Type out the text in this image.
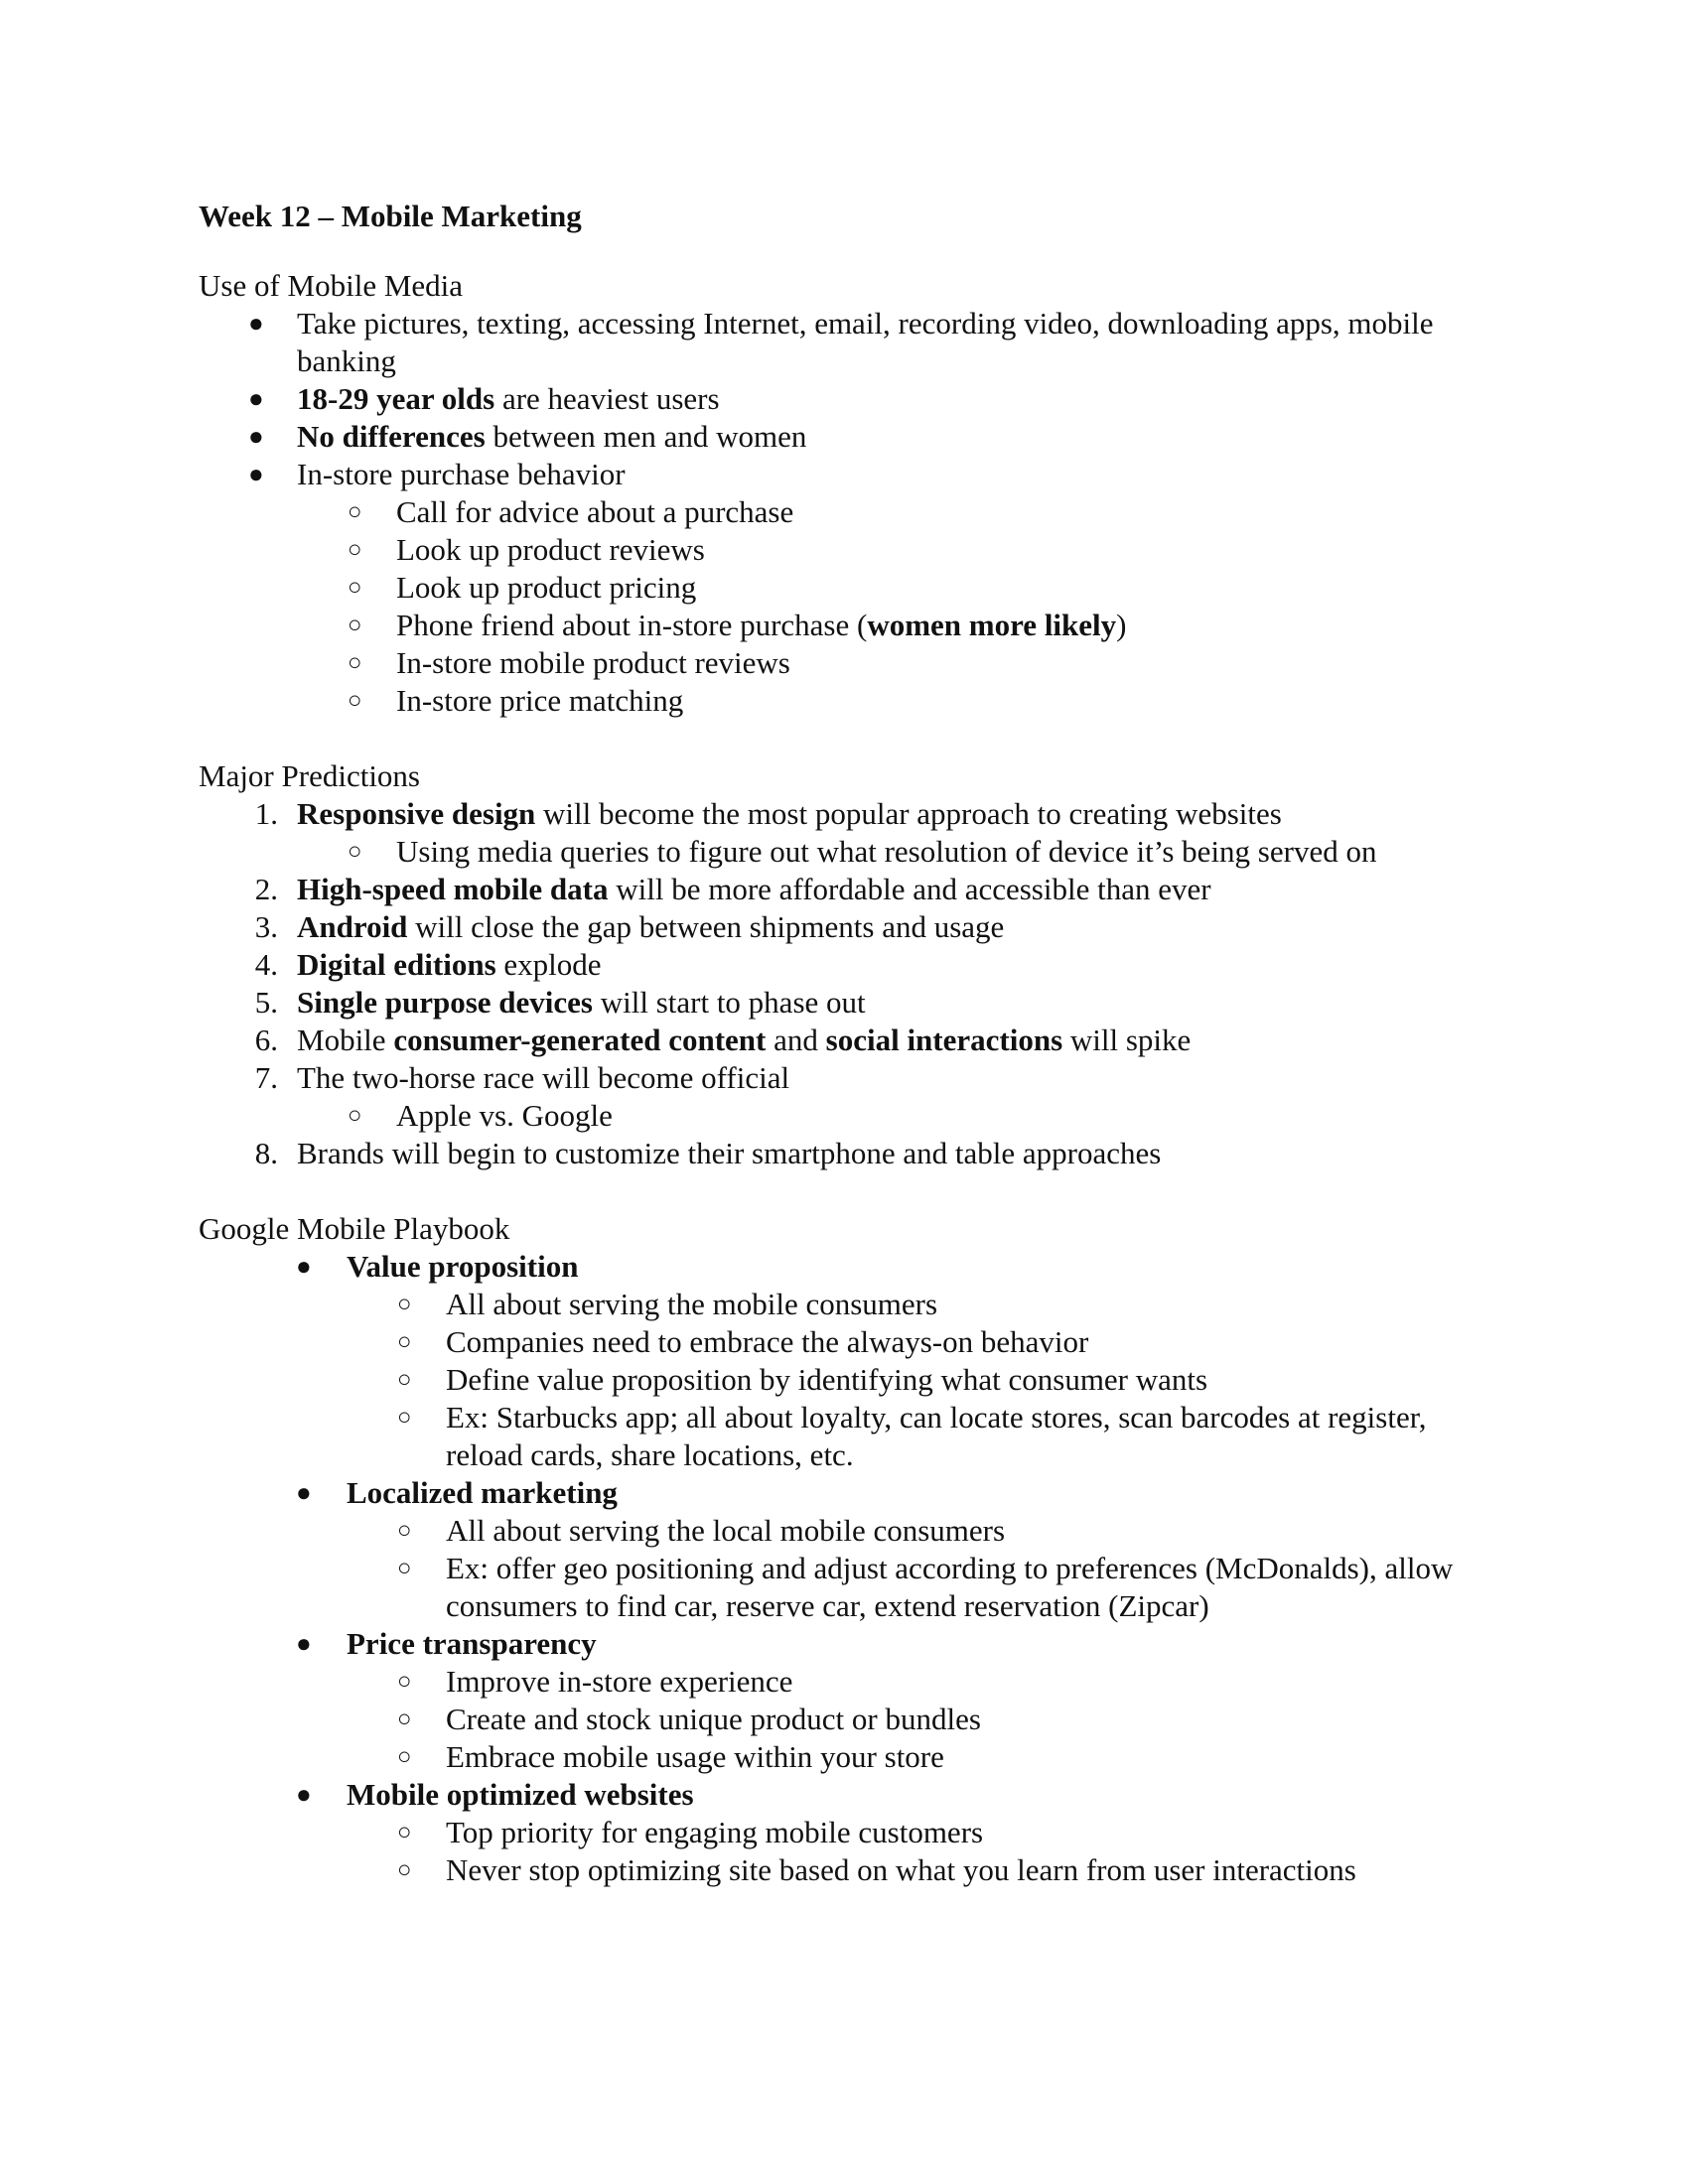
Week 12 – Mobile Marketing
Use of Mobile Media
● Take pictures, texting, accessing Internet, email, recording video, downloading apps, mobile banking
● 18-29 year olds are heaviest users
● No differences between men and women
● In-store purchase behavior
○ Call for advice about a purchase
○ Look up product reviews
○ Look up product pricing
○ Phone friend about in-store purchase (women more likely)
○ In-store mobile product reviews
○ In-store price matching
Major Predictions
1. Responsive design will become the most popular approach to creating websites
○ Using media queries to figure out what resolution of device it’s being served on
2. High-speed mobile data will be more affordable and accessible than ever
3. Android will close the gap between shipments and usage
4. Digital editions explode
5. Single purpose devices will start to phase out
6. Mobile consumer-generated content and social interactions will spike
7. The two-horse race will become official
○ Apple vs. Google
8. Brands will begin to customize their smartphone and table approaches
Google Mobile Playbook
● Value proposition
○ All about serving the mobile consumers
○ Companies need to embrace the always-on behavior
○ Define value proposition by identifying what consumer wants
○ Ex: Starbucks app; all about loyalty, can locate stores, scan barcodes at register, reload cards, share locations, etc.
● Localized marketing
○ All about serving the local mobile consumers
○ Ex: offer geo positioning and adjust according to preferences (McDonalds), allow consumers to find car, reserve car, extend reservation (Zipcar)
● Price transparency
○ Improve in-store experience
○ Create and stock unique product or bundles
○ Embrace mobile usage within your store
● Mobile optimized websites
○ Top priority for engaging mobile customers
○ Never stop optimizing site based on what you learn from user interactions
